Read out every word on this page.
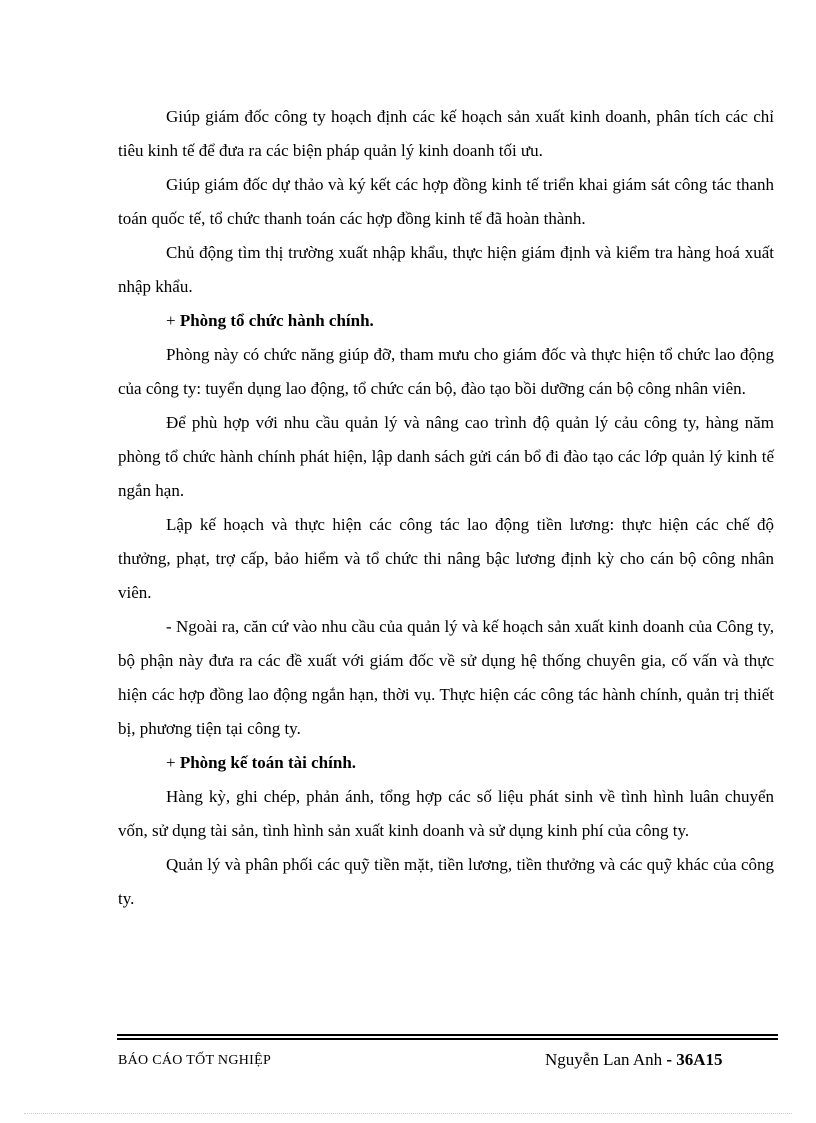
Giúp giám đốc công ty hoạch định các kế hoạch sản xuất kinh doanh, phân tích các chỉ tiêu kinh tế để đưa ra các biện pháp quản lý kinh doanh tối ưu.

Giúp giám đốc dự thảo và ký kết các hợp đồng kinh tế triển khai giám sát công tác thanh toán quốc tế, tổ chức thanh toán các hợp đồng kinh tế đã hoàn thành.

Chủ động tìm thị trường xuất nhập khẩu, thực hiện giám định và kiểm tra hàng hoá xuất nhập khẩu.

+ Phòng tổ chức hành chính.

Phòng này có chức năng giúp đỡ, tham mưu cho giám đốc và thực hiện tổ chức lao động của công ty: tuyển dụng lao động, tổ chức cán bộ, đào tạo bồi dưỡng cán bộ công nhân viên.

Để phù hợp với nhu cầu quản lý và nâng cao trình độ quản lý cảu công ty, hàng năm phòng tổ chức hành chính phát hiện, lập danh sách gửi cán bổ đi đào tạo các lớp quản lý kinh tế ngắn hạn.

Lập kế hoạch và thực hiện các công tác lao động tiền lương: thực hiện các chế độ thưởng, phạt, trợ cấp, bảo hiểm và tổ chức thi nâng bậc lương định kỳ cho cán bộ công nhân viên.

- Ngoài ra, căn cứ vào nhu cầu của quản lý và kế hoạch sản xuất kinh doanh của Công ty, bộ phận này đưa ra các đề xuất với giám đốc về sử dụng hệ thống chuyên gia, cố vấn và thực hiện các hợp đồng lao động ngắn hạn, thời vụ. Thực hiện các công tác hành chính, quản trị thiết bị, phương tiện tại công ty.

+ Phòng kế toán tài chính.

Hàng kỳ, ghi chép, phản ánh, tổng hợp các số liệu phát sinh về tình hình luân chuyển vốn, sử dụng tài sản, tình hình sản xuất kinh doanh và sử dụng kinh phí của công ty.

Quản lý và phân phối các quỹ tiền mặt, tiền lương, tiền thưởng và các quỹ khác của công ty.

BÁO CÁO TỐT NGHIỆP	Nguyễn Lan Anh - 36A15
